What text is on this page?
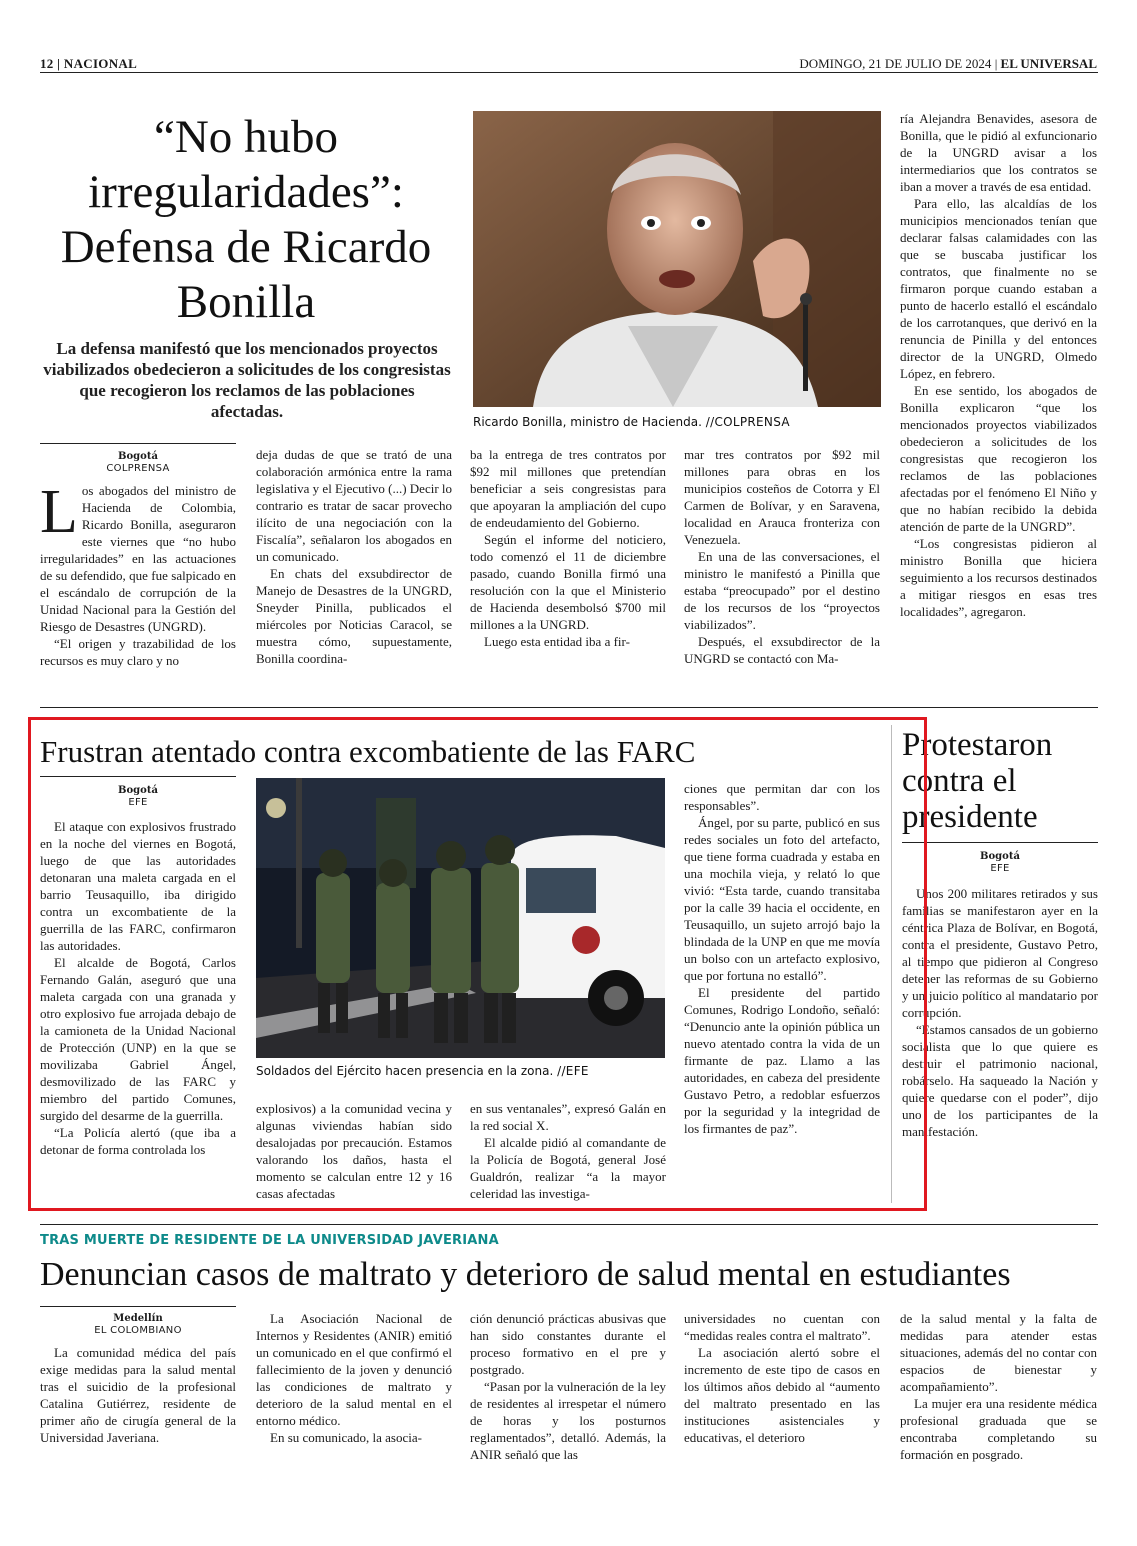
12 | NACIONAL	DOMINGO, 21 DE JULIO DE 2024 | EL UNIVERSAL
“No hubo irregularidades”: Defensa de Ricardo Bonilla
La defensa manifestó que los mencionados proyectos viabilizados obedecieron a solicitudes de los congresistas que recogieron los reclamos de las poblaciones afectadas.
Ricardo Bonilla, ministro de Hacienda. //COLPRENSA
Bogotá
COLPRENSA

Los abogados del ministro de Hacienda de Colombia, Ricardo Bonilla, aseguraron este viernes que “no hubo irregularidades” en las actuaciones de su defendido, que fue salpicado en el escándalo de corrupción de la Unidad Nacional para la Gestión del Riesgo de Desastres (UNGRD).

“El origen y trazabilidad de los recursos es muy claro y no

deja dudas de que se trató de una colaboración armónica entre la rama legislativa y el Ejecutivo (...) Decir lo contrario es tratar de sacar provecho ilícito de una negociación con la Fiscalía”, señalaron los abogados en un comunicado.

En chats del exsubdirector de Manejo de Desastres de la UNGRD, Sneyder Pinilla, publicados el miércoles por Noticias Caracol, se muestra cómo, supuestamente, Bonilla coordina-

ba la entrega de tres contratos por $92 mil millones que pretendían beneficiar a seis congresistas para que apoyaran la ampliación del cupo de endeudamiento del Gobierno.

Según el informe del noticiero, todo comenzó el 11 de diciembre pasado, cuando Bonilla firmó una resolución con la que el Ministerio de Hacienda desembolsó $700 mil millones a la UNGRD.

Luego esta entidad iba a fir-

mar tres contratos por $92 mil millones para obras en los municipios costeños de Cotorra y El Carmen de Bolívar, y en Saravena, localidad en Arauca fronteriza con Venezuela.

En una de las conversaciones, el ministro le manifestó a Pinilla que estaba “preocupado” por el destino de los recursos de los “proyectos viabilizados”.

Después, el exsubdirector de la UNGRD se contactó con Ma-

ría Alejandra Benavides, asesora de Bonilla, que le pidió al exfuncionario de la UNGRD avisar a los intermediarios que los contratos se iban a mover a través de esa entidad.

Para ello, las alcaldías de los municipios mencionados tenían que declarar falsas calamidades con las que se buscaba justificar los contratos, que finalmente no se firmaron porque cuando estaban a punto de hacerlo estalló el escándalo de los carrotanques, que derivó en la renuncia de Pinilla y del entonces director de la UNGRD, Olmedo López, en febrero.

En ese sentido, los abogados de Bonilla explicaron “que los mencionados proyectos viabilizados obedecieron a solicitudes de los congresistas que recogieron los reclamos de las poblaciones afectadas por el fenómeno El Niño y que no habían recibido la debida atención de parte de la UNGRD”.

“Los congresistas pidieron al ministro Bonilla que hiciera seguimiento a los recursos destinados a mitigar riesgos en esas tres localidades”, agregaron.

Frustran atentado contra excombatiente de las FARC
Bogotá
EFE
Soldados del Ejército hacen presencia en la zona. //EFE

El ataque con explosivos frustrado en la noche del viernes en Bogotá, luego de que las autoridades detonaran una maleta cargada en el barrio Teusaquillo, iba dirigido contra un excombatiente de la guerrilla de las FARC, confirmaron las autoridades.

El alcalde de Bogotá, Carlos Fernando Galán, aseguró que una maleta cargada con una granada y otro explosivo fue arrojada debajo de la camioneta de la Unidad Nacional de Protección (UNP) en la que se movilizaba Gabriel Ángel, desmovilizado de las FARC y miembro del partido Comunes, surgido del desarme de la guerrilla.

“La Policía alertó (que iba a detonar de forma controlada los

explosivos) a la comunidad vecina y algunas viviendas habían sido desalojadas por precaución. Estamos valorando los daños, hasta el momento se calculan entre 12 y 16 casas afectadas

en sus ventanales”, expresó Galán en la red social X.

El alcalde pidió al comandante de la Policía de Bogotá, general José Gualdrón, realizar “a la mayor celeridad las investiga-

ciones que permitan dar con los responsables”.

Ángel, por su parte, publicó en sus redes sociales un foto del artefacto, que tiene forma cuadrada y estaba en una mochila vieja, y relató lo que vivió: “Esta tarde, cuando transitaba por la calle 39 hacia el occidente, en Teusaquillo, un sujeto arrojó bajo la blindada de la UNP en que me movía un bolso con un artefacto explosivo, que por fortuna no estalló”.

El presidente del partido Comunes, Rodrigo Londoño, señaló: “Denuncio ante la opinión pública un nuevo atentado contra la vida de un firmante de paz. Llamo a las autoridades, en cabeza del presidente Gustavo Petro, a redoblar esfuerzos por la seguridad y la integridad de los firmantes de paz”.

Protestaron contra el presidente
Bogotá
EFE

Unos 200 militares retirados y sus familias se manifestaron ayer en la céntrica Plaza de Bolívar, en Bogotá, contra el presidente, Gustavo Petro, al tiempo que pidieron al Congreso detener las reformas de su Gobierno y un juicio político al mandatario por corrupción.

“Estamos cansados de un gobierno socialista que lo que quiere es destruir el patrimonio nacional, robárselo. Ha saqueado la Nación y quiere quedarse con el poder”, dijo uno de los participantes de la manifestación.

TRAS MUERTE DE RESIDENTE DE LA UNIVERSIDAD JAVERIANA
Denuncian casos de maltrato y deterioro de salud mental en estudiantes
Medellín
EL COLOMBIANO

La comunidad médica del país exige medidas para la salud mental tras el suicidio de la profesional Catalina Gutiérrez, residente de primer año de cirugía general de la Universidad Javeriana.

La Asociación Nacional de Internos y Residentes (ANIR) emitió un comunicado en el que confirmó el fallecimiento de la joven y denunció las condiciones de maltrato y deterioro de la salud mental en el entorno médico.

En su comunicado, la asocia-

ción denunció prácticas abusivas que han sido constantes durante el proceso formativo en el pre y postgrado.

“Pasan por la vulneración de la ley de residentes al irrespetar el número de horas y los posturnos reglamentados”, detalló. Además, la ANIR señaló que las

universidades no cuentan con “medidas reales contra el maltrato”.

La asociación alertó sobre el incremento de este tipo de casos en los últimos años debido al “aumento del maltrato presentado en las instituciones asistenciales y educativas, el deterioro

de la salud mental y la falta de medidas para atender estas situaciones, además del no contar con espacios de bienestar y acompañamiento”.

La mujer era una residente médica profesional graduada que se encontraba completando su formación en posgrado.
